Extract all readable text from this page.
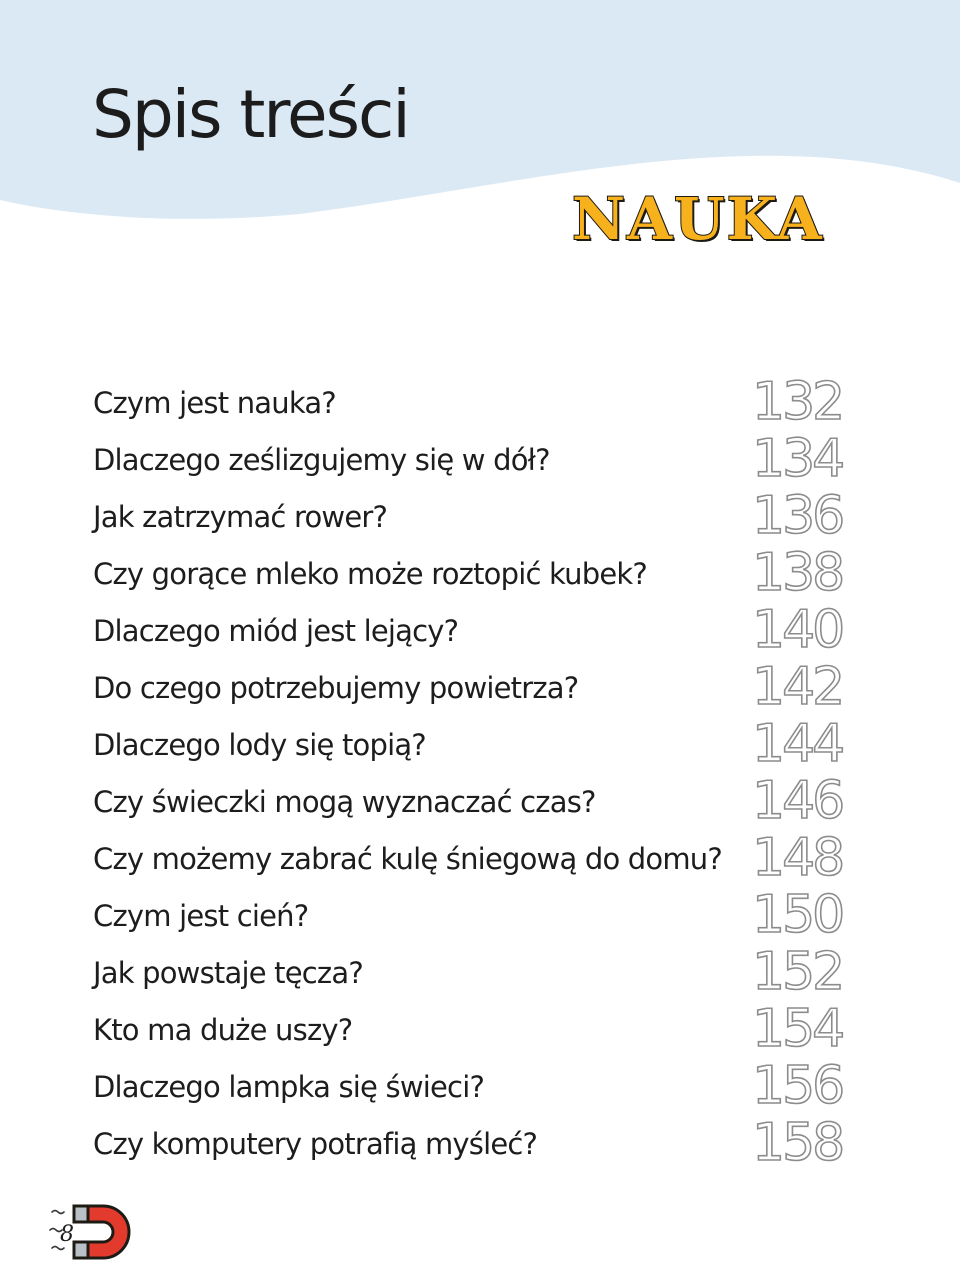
Spis treści
NAUKA
Czym jest nauka?	132
Dlaczego ześlizgujemy się w dół?	134
Jak zatrzymać rower?	136
Czy gorące mleko może roztopić kubek? 138
Dlaczego miód jest lejący?	140
Do czego potrzebujemy powietrza?	142
Dlaczego lody się topią?	144
Czy świeczki mogą wyznaczać czas?	146
Czy możemy zabrać kulę śniegową do domu? 148
Czym jest cień?	150
Jak powstaje tęcza?	152
Kto ma duże uszy?	154
Dlaczego lampka się świeci?	156
Czy komputery potrafią myśleć?	158
8
